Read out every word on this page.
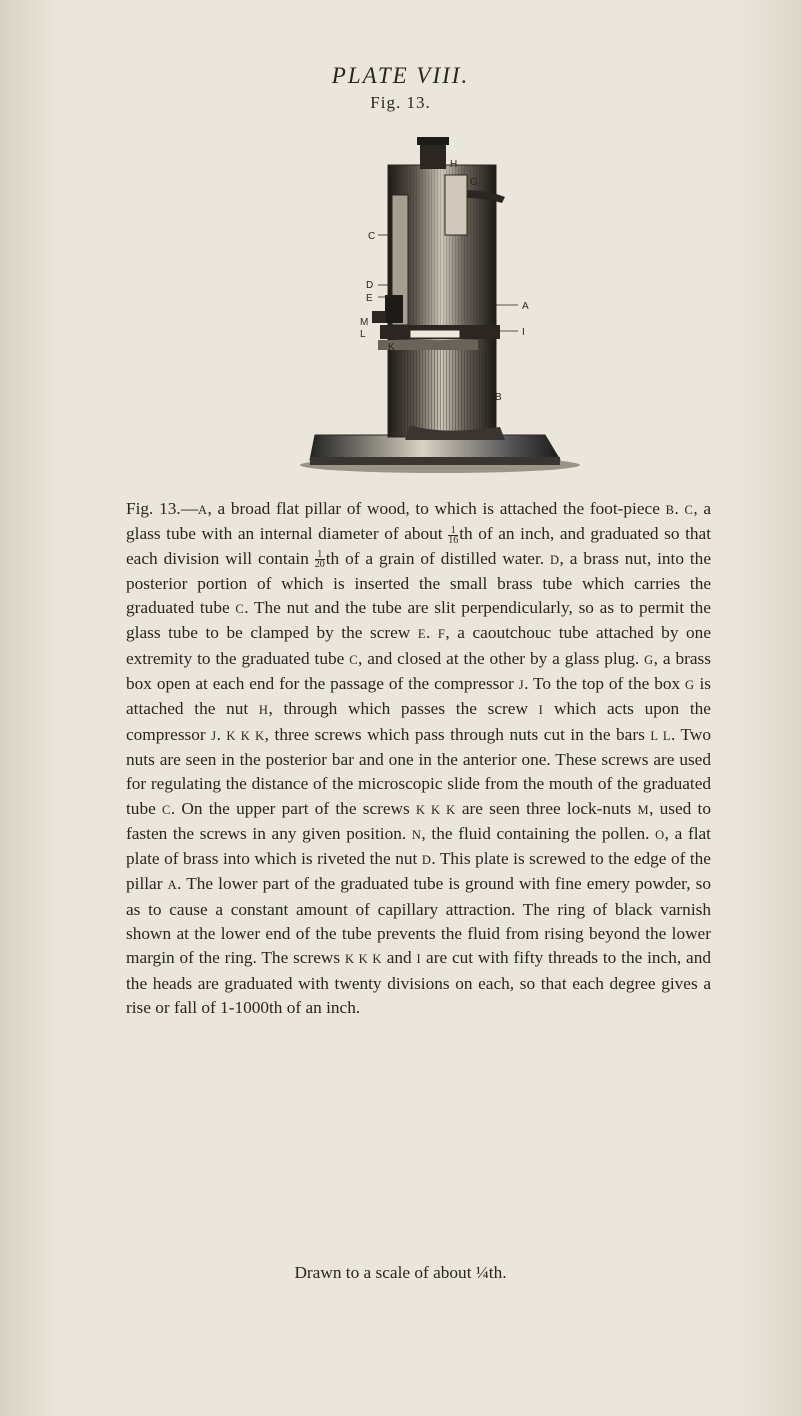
PLATE VIII.
Fig. 13.
F
H
G
C
D
E
M
L
K
A
I
B

Fig. 13.—A, a broad flat pillar of wood, to which is attached the foot-piece B. C, a glass tube with an internal diameter of about $\frac{1}{16}$ th of an inch, and graduated so that each division will contain $\frac{1}{20}$ th of a grain of distilled water. D, a brass nut, into the posterior portion of which is inserted the small brass tube which carries the graduated tube C. The nut and the tube are slit perpendicularly, so as to permit the glass tube to be clamped by the screw E. F, a caoutchouc tube attached by one extremity to the graduated tube C, and closed at the other by a glass plug. G, a brass box open at each end for the passage of the compressor J. To the top of the box G is attached the nut H, through which passes the screw I which acts upon the compressor J. K K K, three screws which pass through nuts cut in the bars L L. Two nuts are seen in the posterior bar and one in the anterior one. These screws are used for regulating the distance of the microscopic slide from the mouth of the graduated tube C. On the upper part of the screws K K K are seen three lock-nuts M, used to fasten the screws in any given position. N, the fluid containing the pollen. O, a flat plate of brass into which is riveted the nut D. This plate is screwed to the edge of the pillar A. The lower part of the graduated tube is ground with fine emery powder, so as to cause a constant amount of capillary attraction. The ring of black varnish shown at the lower end of the tube prevents the fluid from rising beyond the lower margin of the ring. The screws K K K and I are cut with fifty threads to the inch, and the heads are graduated with twenty divisions on each, so that each degree gives a rise or fall of 1-1000th of an inch.

Drawn to a scale of about ¼th.
